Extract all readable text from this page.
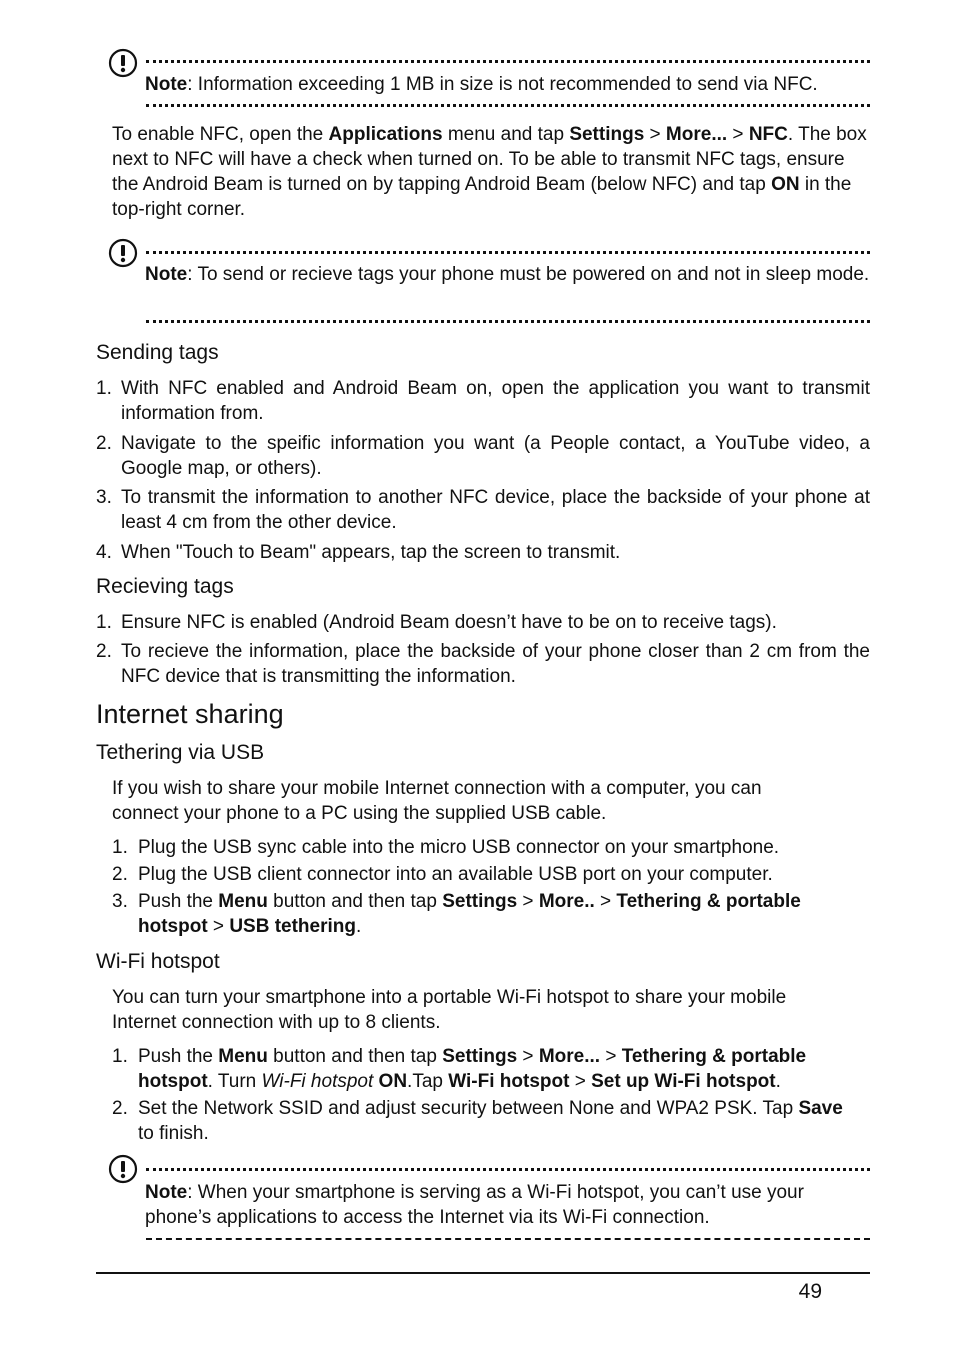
Note: Information exceeding 1 MB in size is not recommended to send via NFC.

To enable NFC, open the Applications menu and tap Settings > More... > NFC. The box next to NFC will have a check when turned on. To be able to transmit NFC tags, ensure the Android Beam is turned on by tapping Android Beam (below NFC) and tap ON in the top-right corner.

Note: To send or recieve tags your phone must be powered on and not in sleep mode.
Sending tags
1. With NFC enabled and Android Beam on, open the application you want to transmit information from.
2. Navigate to the speific information you want (a People contact, a YouTube video, a Google map, or others).
3. To transmit the information to another NFC device, place the backside of your phone at least 4 cm from the other device.
4. When "Touch to Beam" appears, tap the screen to transmit.
Recieving tags
1. Ensure NFC is enabled (Android Beam doesn’t have to be on to receive tags).
2. To recieve the information, place the backside of your phone closer than 2 cm from the NFC device that is transmitting the information.
Internet sharing
Tethering via USB

If you wish to share your mobile Internet connection with a computer, you can connect your phone to a PC using the supplied USB cable.

1. Plug the USB sync cable into the micro USB connector on your smartphone.
2. Plug the USB client connector into an available USB port on your computer.
3. Push the Menu button and then tap Settings > More.. > Tethering & portable hotspot > USB tethering.
Wi-Fi hotspot

You can turn your smartphone into a portable Wi-Fi hotspot to share your mobile Internet connection with up to 8 clients.

1. Push the Menu button and then tap Settings > More... > Tethering & portable hotspot. Turn Wi-Fi hotspot ON.Tap Wi-Fi hotspot > Set up Wi-Fi hotspot.
2. Set the Network SSID and adjust security between None and WPA2 PSK. Tap Save to finish.
Note: When your smartphone is serving as a Wi-Fi hotspot, you can’t use your phone’s applications to access the Internet via its Wi-Fi connection.
49
